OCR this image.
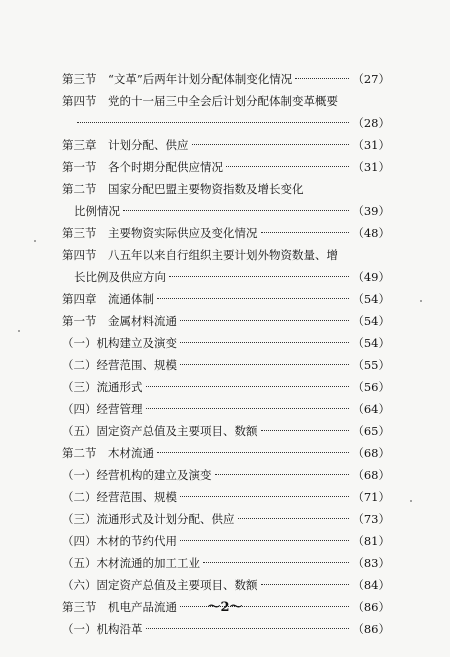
第三节　“文革”后两年计划分配体制变化情况	（27）
第四节　党的十一届三中全会后计划分配体制变革概要
（28）
第三章　计划分配、供应	（31）
第一节　各个时期分配供应情况	（31）
第二节　国家分配巴盟主要物资指数及增长变化
比例情况	（39）
第三节　主要物资实际供应及变化情况	（48）
第四节　八五年以来自行组织主要计划外物资数量、增
长比例及供应方向	（49）
第四章　流通体制	（54）
第一节　金属材料流通	（54）
（一）机构建立及演变	（54）
（二）经营范围、规模	（55）
（三）流通形式	（56）
（四）经营管理	（64）
（五）固定资产总值及主要项目、数额	（65）
第二节　木材流通	（68）
（一）经营机构的建立及演变	（68）
（二）经营范围、规模	（71）
（三）流通形式及计划分配、供应	（73）
（四）木材的节约代用	（81）
（五）木材流通的加工工业	（83）
（六）固定资产总值及主要项目、数额	（84）
第三节　机电产品流通	（86）
（一）机构沿革	（86）
～2～
